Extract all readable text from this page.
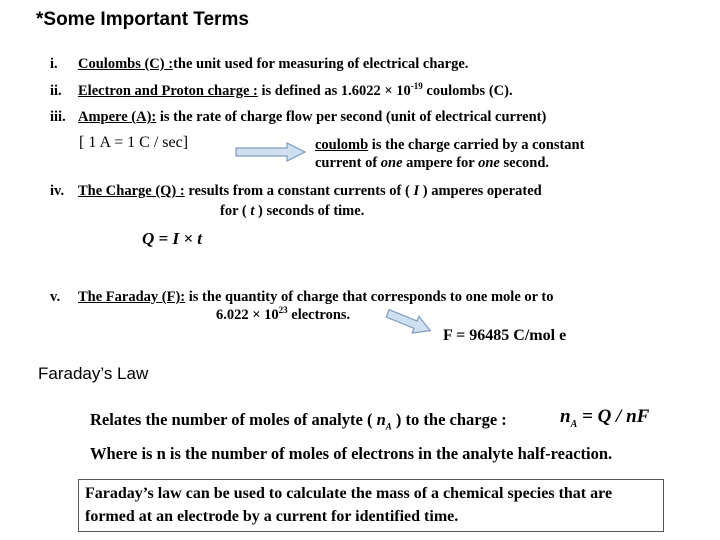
*Some Important Terms
i. Coulombs (C) :the unit used for measuring of electrical charge.
ii. Electron and Proton charge : is defined as $1.6022 \times 10^{-19}$ coulombs (C).
iii. Ampere (A): is the rate of charge flow per second (unit of electrical current)
[ 1 A = 1 C / sec]	coulomb is the charge carried by a constant
current of one ampere for one second.
iv. The Charge (Q) : results from a constant currents of ( I ) amperes operated
for ( t ) seconds of time.
Q = I × t
v. The Faraday (F): is the quantity of charge that corresponds to one mole or to
$6.022 \times 10^{23}$ electrons.
F = 96485 C/mol e
Faraday’s Law
Relates the number of moles of analyte ( $n_A$ ) to the charge :	$n_A = Q$ / nF
Where is n is the number of moles of electrons in the analyte half-reaction.
Faraday’s law can be used to calculate the mass of a chemical species that are
formed at an electrode by a current for identified time.
